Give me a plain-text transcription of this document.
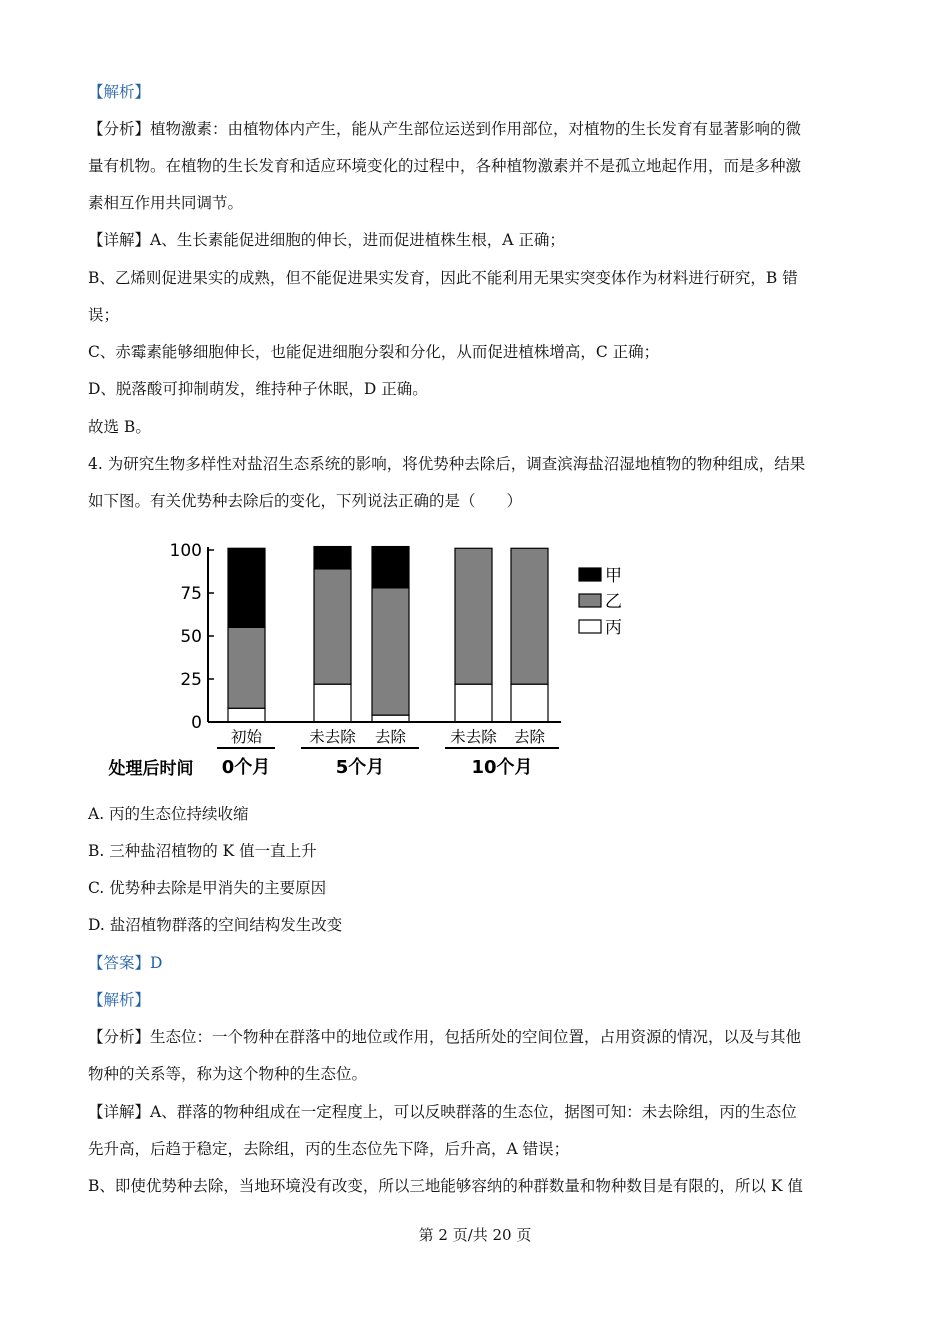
【解析】
【分析】植物激素：由植物体内产生，能从产生部位运送到作用部位，对植物的生长发育有显著影响的微
量有机物。在植物的生长发育和适应环境变化的过程中，各种植物激素并不是孤立地起作用，而是多种激
素相互作用共同调节。
【详解】A、生长素能促进细胞的伸长，进而促进植株生根，A 正确；
B、乙烯则促进果实的成熟，但不能促进果实发育，因此不能利用无果实突变体作为材料进行研究，B 错
误；
C、赤霉素能够细胞伸长，也能促进细胞分裂和分化，从而促进植株增高，C 正确；
D、脱落酸可抑制萌发，维持种子休眠，D 正确。
故选 B。
4. 为研究生物多样性对盐沼生态系统的影响，将优势种去除后，调查滨海盐沼湿地植物的物种组成，结果
如下图。有关优势种去除后的变化，下列说法正确的是（　　）
0
25
50
75
100
初始	未去除 去除	未去除 去除
0个月	5个月	10个月
处理后时间
甲
乙
丙
A. 丙的生态位持续收缩
B. 三种盐沼植物的 K 值一直上升
C. 优势种去除是甲消失的主要原因
D. 盐沼植物群落的空间结构发生改变
【答案】D
【解析】
【分析】生态位：一个物种在群落中的地位或作用，包括所处的空间位置，占用资源的情况，以及与其他
物种的关系等，称为这个物种的生态位。
【详解】A、群落的物种组成在一定程度上，可以反映群落的生态位，据图可知：未去除组，丙的生态位
先升高，后趋于稳定，去除组，丙的生态位先下降，后升高，A 错误；
B、即使优势种去除，当地环境没有改变，所以三地能够容纳的种群数量和物种数目是有限的，所以 K 值
第 2 页/共 20 页
